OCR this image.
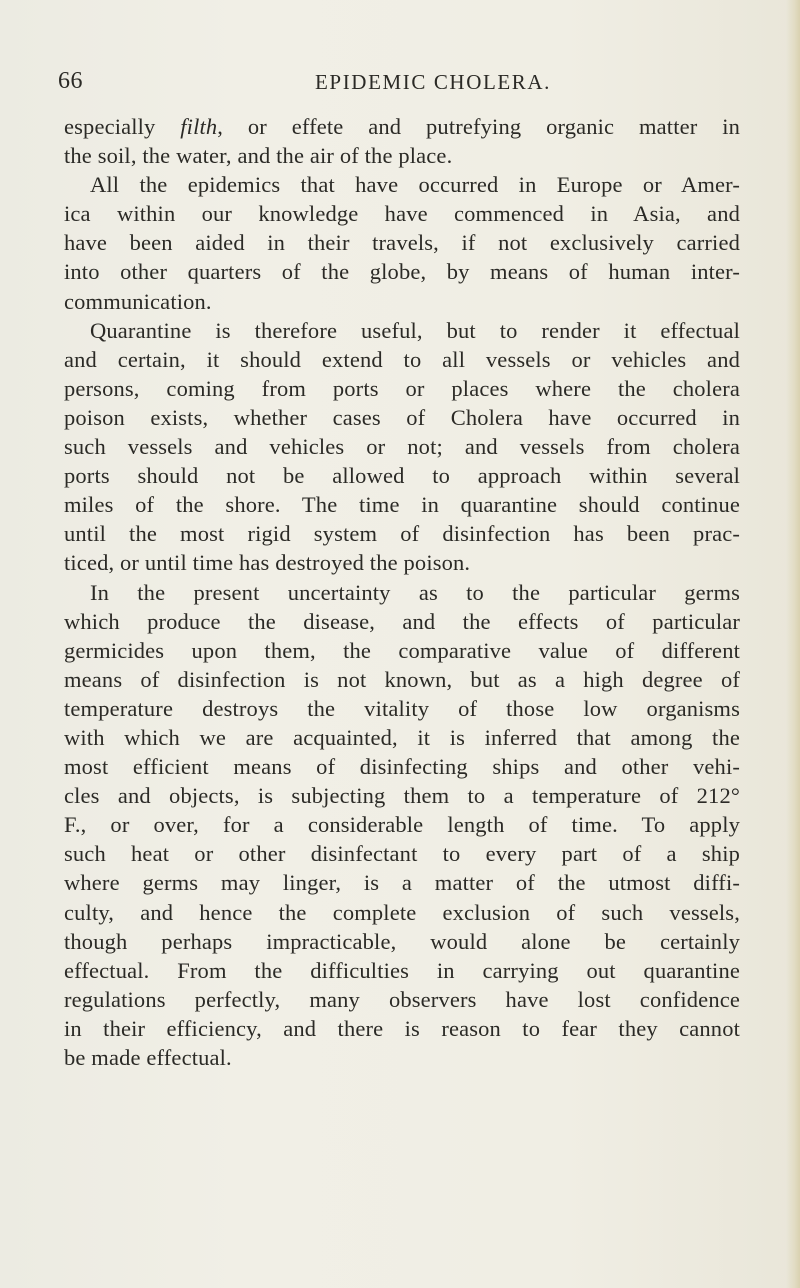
66	EPIDEMIC CHOLERA.
especially filth, or effete and putrefying organic matter in
the soil, the water, and the air of the place.
All the epidemics that have occurred in Europe or Amer-
ica within our knowledge have commenced in Asia, and
have been aided in their travels, if not exclusively carried
into other quarters of the globe, by means of human inter-
communication.
Quarantine is therefore useful, but to render it effectual
and certain, it should extend to all vessels or vehicles and
persons, coming from ports or places where the cholera
poison exists, whether cases of Cholera have occurred in
such vessels and vehicles or not; and vessels from cholera
ports should not be allowed to approach within several
miles of the shore. The time in quarantine should continue
until the most rigid system of disinfection has been prac-
ticed, or until time has destroyed the poison.
In the present uncertainty as to the particular germs
which produce the disease, and the effects of particular
germicides upon them, the comparative value of different
means of disinfection is not known, but as a high degree of
temperature destroys the vitality of those low organisms
with which we are acquainted, it is inferred that among the
most efficient means of disinfecting ships and other vehi-
cles and objects, is subjecting them to a temperature of 212°
F., or over, for a considerable length of time. To apply
such heat or other disinfectant to every part of a ship
where germs may linger, is a matter of the utmost diffi-
culty, and hence the complete exclusion of such vessels,
though perhaps impracticable, would alone be certainly
effectual. From the difficulties in carrying out quarantine
regulations perfectly, many observers have lost confidence
in their efficiency, and there is reason to fear they cannot
be made effectual.
